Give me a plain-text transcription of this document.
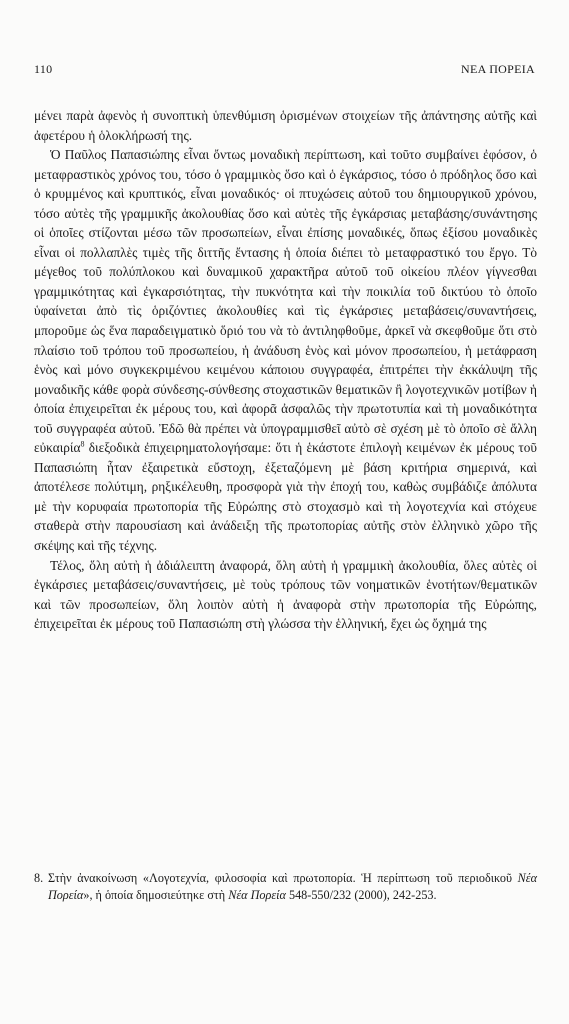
110	ΝΕΑ ΠΟΡΕΙΑ

μένει παρὰ ἀφενὸς ἡ συνοπτικὴ ὑπενθύμιση ὁρισμένων στοιχείων τῆς ἀπάντησης αὐτῆς καὶ ἀφετέρου ἡ ὁλοκλήρωσή της.

Ὁ Παῦλος Παπασιώπης εἶναι ὄντως μοναδικὴ περίπτωση, καὶ τοῦτο συμβαίνει ἐφόσον, ὁ μεταφραστικὸς χρόνος του, τόσο ὁ γραμμικὸς ὅσο καὶ ὁ ἐγκάρσιος, τόσο ὁ πρόδηλος ὅσο καὶ ὁ κρυμμένος καὶ κρυπτικός, εἶναι μοναδικός· οἱ πτυχώσεις αὐτοῦ του δημιουργικοῦ χρόνου, τόσο αὐτὲς τῆς γραμμικῆς ἀκολουθίας ὅσο καὶ αὐτὲς τῆς ἐγκάρσιας μεταβάσης/συνάντησης οἱ ὁποῖες στίζονται μέσω τῶν προσωπείων, εἶναι ἐπίσης μοναδικές, ὅπως ἐξίσου μοναδικὲς εἶναι οἱ πολλαπλὲς τιμὲς τῆς διττῆς ἔντασης ἡ ὁποία διέπει τὸ μεταφραστικό του ἔργο. Τὸ μέγεθος τοῦ πολύπλοκου καὶ δυναμικοῦ χαρακτῆρα αὐτοῦ τοῦ οἰκείου πλέον γίγνεσθαι γραμμικότητας καὶ ἐγκαρσιότητας, τὴν πυκνότητα καὶ τὴν ποικιλία τοῦ δικτύου τὸ ὁποῖο ὑφαίνεται ἀπὸ τὶς ὁριζόντιες ἀκολουθίες καὶ τὶς ἐγκάρσιες μεταβάσεις/συναντήσεις, μποροῦμε ὡς ἕνα παραδειγματικὸ ὅριό του νὰ τὸ ἀντιληφθοῦμε, ἀρκεῖ νὰ σκεφθοῦμε ὅτι στὸ πλαίσιο τοῦ τρόπου τοῦ προσωπείου, ἡ ἀνάδυση ἑνὸς καὶ μόνον προσωπείου, ἡ μετάφραση ἑνὸς καὶ μόνο συγκεκριμένου κειμένου κάποιου συγγραφέα, ἐπιτρέπει τὴν ἐκκάλυψη τῆς μοναδικῆς κάθε φορὰ σύνδεσης-σύνθεσης στοχαστικῶν θεματικῶν ἢ λογοτεχνικῶν μοτίβων ἡ ὁποία ἐπιχειρεῖται ἐκ μέρους του, καὶ ἀφορᾶ ἀσφαλῶς τὴν πρωτοτυπία καὶ τὴ μοναδικότητα τοῦ συγγραφέα αὐτοῦ. Ἐδῶ θὰ πρέπει νὰ ὑπογραμμισθεῖ αὐτὸ σὲ σχέση μὲ τὸ ὁποῖο σὲ ἄλλη εὐκαιρία$^8$ διεξοδικὰ ἐπιχειρηματολογήσαμε: ὅτι ἡ ἑκάστοτε ἐπιλογὴ κειμένων ἐκ μέρους τοῦ Παπασιώπη ἦταν ἐξαιρετικὰ εὔστοχη, ἐξεταζόμενη μὲ βάση κριτήρια σημερινά, καὶ ἀποτέλεσε πολύτιμη, ρηξικέλευθη, προσφορὰ γιὰ τὴν ἐποχή του, καθὼς συμβάδιζε ἀπόλυτα μὲ τὴν κορυφαία πρωτοπορία τῆς Εὐρώπης στὸ στοχασμὸ καὶ τὴ λογοτεχνία καὶ στόχευε σταθερὰ στὴν παρουσίαση καὶ ἀνάδειξη τῆς πρωτοπορίας αὐτῆς στὸν ἑλληνικὸ χῶρο τῆς σκέψης καὶ τῆς τέχνης.

Τέλος, ὅλη αὐτὴ ἡ ἀδιάλειπτη ἀναφορά, ὅλη αὐτὴ ἡ γραμμικὴ ἀκολουθία, ὅλες αὐτὲς οἱ ἐγκάρσιες μεταβάσεις/συναντήσεις, μὲ τοὺς τρόπους τῶν νοηματικῶν ἑνοτήτων/θεματικῶν καὶ τῶν προσωπείων, ὅλη λοιπὸν αὐτὴ ἡ ἀναφορὰ στὴν πρωτοπορία τῆς Εὐρώπης, ἐπιχειρεῖται ἐκ μέρους τοῦ Παπασιώπη στὴ γλώσσα τὴν ἑλληνική, ἔχει ὡς ὄχημά της

8. Στὴν ἀνακοίνωση «Λογοτεχνία, φιλοσοφία καὶ πρωτοπορία. Ἡ περίπτωση τοῦ περιοδικοῦ Νέα Πορεία», ἡ ὁποία δημοσιεύτηκε στὴ Νέα Πορεία 548-550/232 (2000), 242-253.
